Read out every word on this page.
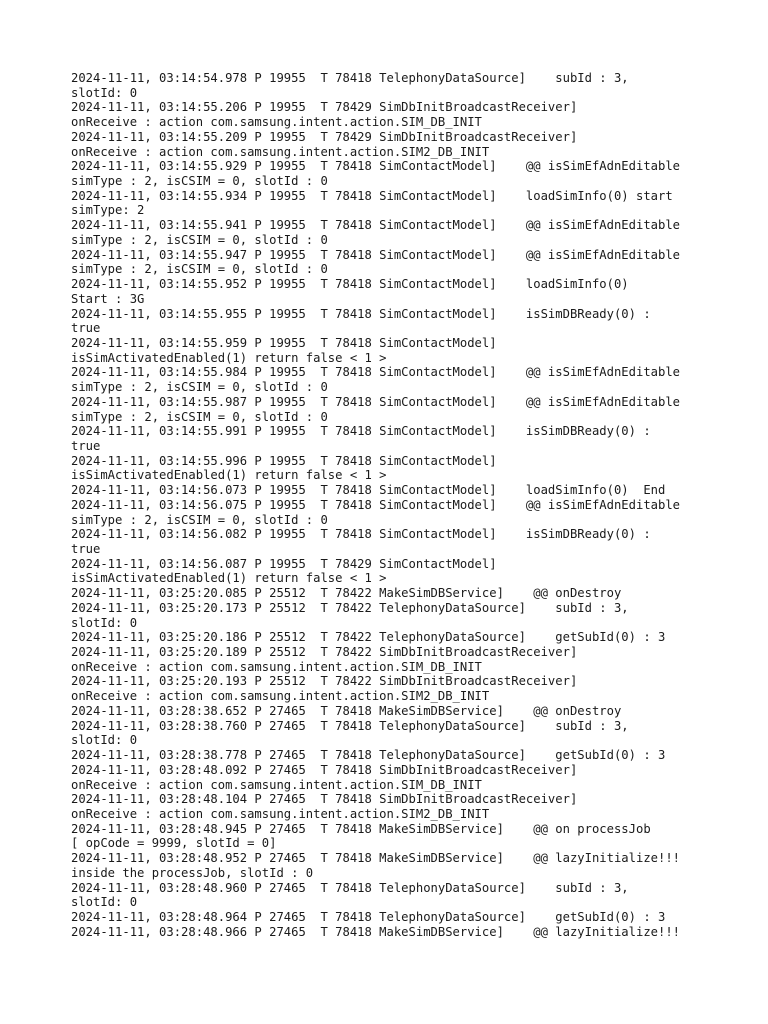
2024-11-11, 03:14:54.978 P 19955  T 78418 TelephonyDataSource]    subId : 3,
slotId: 0
2024-11-11, 03:14:55.206 P 19955  T 78429 SimDbInitBroadcastReceiver]
onReceive : action com.samsung.intent.action.SIM_DB_INIT
2024-11-11, 03:14:55.209 P 19955  T 78429 SimDbInitBroadcastReceiver]
onReceive : action com.samsung.intent.action.SIM2_DB_INIT
2024-11-11, 03:14:55.929 P 19955  T 78418 SimContactModel]    @@ isSimEfAdnEditable
simType : 2, isCSIM = 0, slotId : 0
2024-11-11, 03:14:55.934 P 19955  T 78418 SimContactModel]    loadSimInfo(0) start
simType: 2
2024-11-11, 03:14:55.941 P 19955  T 78418 SimContactModel]    @@ isSimEfAdnEditable
simType : 2, isCSIM = 0, slotId : 0
2024-11-11, 03:14:55.947 P 19955  T 78418 SimContactModel]    @@ isSimEfAdnEditable
simType : 2, isCSIM = 0, slotId : 0
2024-11-11, 03:14:55.952 P 19955  T 78418 SimContactModel]    loadSimInfo(0)
Start : 3G
2024-11-11, 03:14:55.955 P 19955  T 78418 SimContactModel]    isSimDBReady(0) :
true
2024-11-11, 03:14:55.959 P 19955  T 78418 SimContactModel]
isSimActivatedEnabled(1) return false < 1 >
2024-11-11, 03:14:55.984 P 19955  T 78418 SimContactModel]    @@ isSimEfAdnEditable
simType : 2, isCSIM = 0, slotId : 0
2024-11-11, 03:14:55.987 P 19955  T 78418 SimContactModel]    @@ isSimEfAdnEditable
simType : 2, isCSIM = 0, slotId : 0
2024-11-11, 03:14:55.991 P 19955  T 78418 SimContactModel]    isSimDBReady(0) :
true
2024-11-11, 03:14:55.996 P 19955  T 78418 SimContactModel]
isSimActivatedEnabled(1) return false < 1 >
2024-11-11, 03:14:56.073 P 19955  T 78418 SimContactModel]    loadSimInfo(0)  End
2024-11-11, 03:14:56.075 P 19955  T 78418 SimContactModel]    @@ isSimEfAdnEditable
simType : 2, isCSIM = 0, slotId : 0
2024-11-11, 03:14:56.082 P 19955  T 78418 SimContactModel]    isSimDBReady(0) :
true
2024-11-11, 03:14:56.087 P 19955  T 78429 SimContactModel]
isSimActivatedEnabled(1) return false < 1 >
2024-11-11, 03:25:20.085 P 25512  T 78422 MakeSimDBService]    @@ onDestroy
2024-11-11, 03:25:20.173 P 25512  T 78422 TelephonyDataSource]    subId : 3,
slotId: 0
2024-11-11, 03:25:20.186 P 25512  T 78422 TelephonyDataSource]    getSubId(0) : 3
2024-11-11, 03:25:20.189 P 25512  T 78422 SimDbInitBroadcastReceiver]
onReceive : action com.samsung.intent.action.SIM_DB_INIT
2024-11-11, 03:25:20.193 P 25512  T 78422 SimDbInitBroadcastReceiver]
onReceive : action com.samsung.intent.action.SIM2_DB_INIT
2024-11-11, 03:28:38.652 P 27465  T 78418 MakeSimDBService]    @@ onDestroy
2024-11-11, 03:28:38.760 P 27465  T 78418 TelephonyDataSource]    subId : 3,
slotId: 0
2024-11-11, 03:28:38.778 P 27465  T 78418 TelephonyDataSource]    getSubId(0) : 3
2024-11-11, 03:28:48.092 P 27465  T 78418 SimDbInitBroadcastReceiver]
onReceive : action com.samsung.intent.action.SIM_DB_INIT
2024-11-11, 03:28:48.104 P 27465  T 78418 SimDbInitBroadcastReceiver]
onReceive : action com.samsung.intent.action.SIM2_DB_INIT
2024-11-11, 03:28:48.945 P 27465  T 78418 MakeSimDBService]    @@ on processJob
[ opCode = 9999, slotId = 0]
2024-11-11, 03:28:48.952 P 27465  T 78418 MakeSimDBService]    @@ lazyInitialize!!!
inside the processJob, slotId : 0
2024-11-11, 03:28:48.960 P 27465  T 78418 TelephonyDataSource]    subId : 3,
slotId: 0
2024-11-11, 03:28:48.964 P 27465  T 78418 TelephonyDataSource]    getSubId(0) : 3
2024-11-11, 03:28:48.966 P 27465  T 78418 MakeSimDBService]    @@ lazyInitialize!!!
